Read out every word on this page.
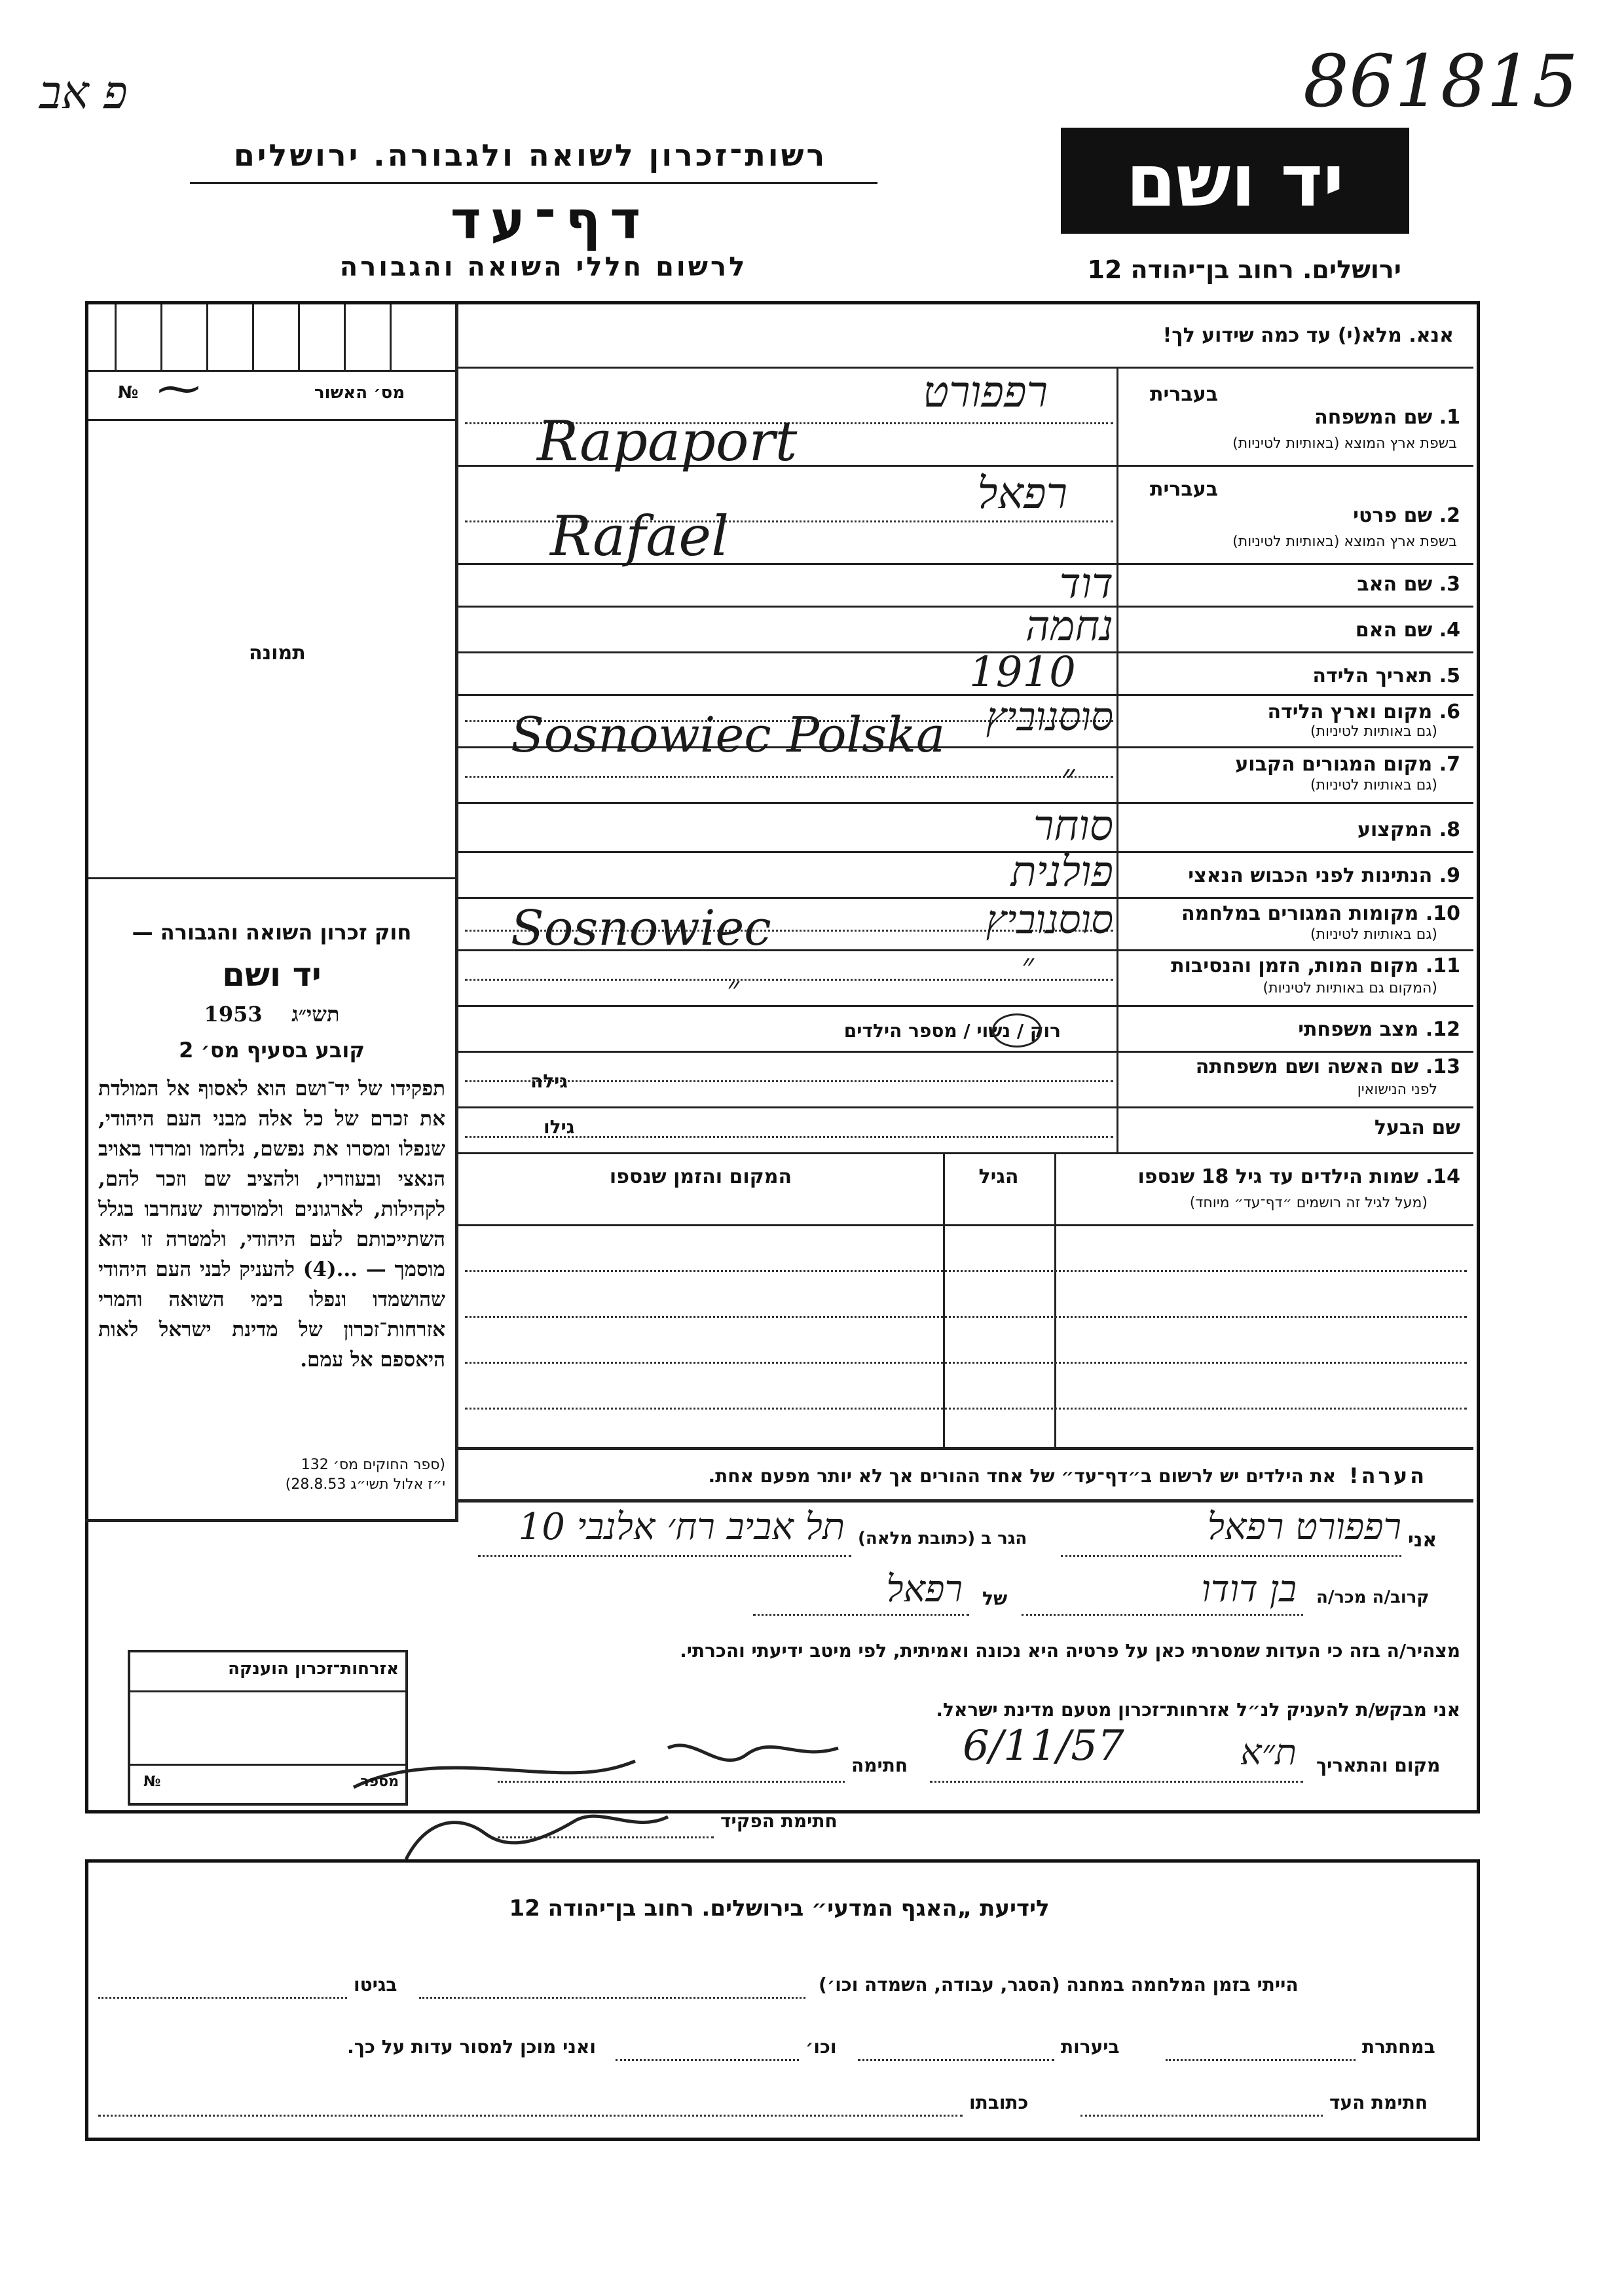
861815
פ אב
רשות־זכרון לשואה ולגבורה. ירושלים	יד ושם
דף־עד
לרשום חללי השואה והגבורה	ירושלים. רחוב בן־יהודה 12
מס׳ האשור
№ ⁓
תמונה
חוק זכרון השואה והגבורה —
יד ושם
1953 תשי״ג
קובע בסעיף מס׳ 2
תפקידו של יד־ושם הוא לאסוף אל המולדת את זכרם של כל אלה מבני העם היהודי, שנפלו ומסרו את נפשם, נלחמו ומרדו באויב הנאצי ובעוזריו, ולהציב שם וזכר להם, לקהילות, לארגונים ולמוסדות שנחרבו בגלל השתייכותם לעם היהודי, ולמטרה זו יהא מוסמך — ...(4) להעניק לבני העם היהודי שהושמדו ונפלו בימי השואה והמרי אזרחות־זכרון של מדינת ישראל לאות היאספם אל עמם.
(ספר החוקים מס׳ 132
י״ז אלול תשי״ג 28.8.53)
אנא. מלא(י) עד כמה שידוע לך!
בעברית
1. שם המשפחה
בשפת ארץ המוצא (באותיות לטיניות)
רפפורט
Rapaport
בעברית
2. שם פרטי
בשפת ארץ המוצא (באותיות לטיניות)
רפאל
Rafael
3. שם האב
דוד
4. שם האם
נחמה
5. תאריך הלידה
1910
6. מקום וארץ הלידה
(גם באותיות לטיניות)
סוסנוביץ
Sosnowiec Polska
7. מקום המגורים הקבוע
(גם באותיות לטיניות)
״
8. המקצוע
סוחר
9. הנתינות לפני הכבוש הנאצי
פולנית
10. מקומות המגורים במלחמה
(גם באותיות לטיניות)
סוסנוביץ
Sosnowiec
11. מקום המות, הזמן והנסיבות
(המקום גם באותיות לטיניות)
״
״
12. מצב משפחתי
רוק / נשוי / מספר הילדים
13. שם האשה ושם משפחתה
לפני הנישואין
גילה
שם הבעל
גילו
14. שמות הילדים עד גיל 18 שנספו
(מעל לגיל זה רושמים ״דף־עד״ מיוחד)
הגיל
המקום והזמן שנספו
הערה!
את הילדים יש לרשום ב״דף־עד״ של אחד ההורים אך לא יותר מפעם אחת.
אני
רפפורט רפאל
הגר ב (כתובת מלאה)
תל אביב רח׳ אלנבי 10
קרוב/ה מכר/ה
בן דודו
של
רפאל
מצהיר/ה בזה כי העדות שמסרתי כאן על פרטיה היא נכונה ואמיתית, לפי מיטב ידיעתי והכרתי.
אני מבקש/ת להעניק לנ״ל אזרחות־זכרון מטעם מדינת ישראל.
מקום והתאריך
ת״א
6/11/57
חתימה
חתימת הפקיד
אזרחות־זכרון הוענקה
מספר
№
לידיעת „האגף המדעי״ בירושלים. רחוב בן־יהודה 12
הייתי בזמן המלחמה במחנה (הסגר, עבודה, השמדה וכו׳)
בגיטו
במחתרת
ביערות
וכו׳
ואני מוכן למסור עדות על כך.
חתימת העד
כתובתו
